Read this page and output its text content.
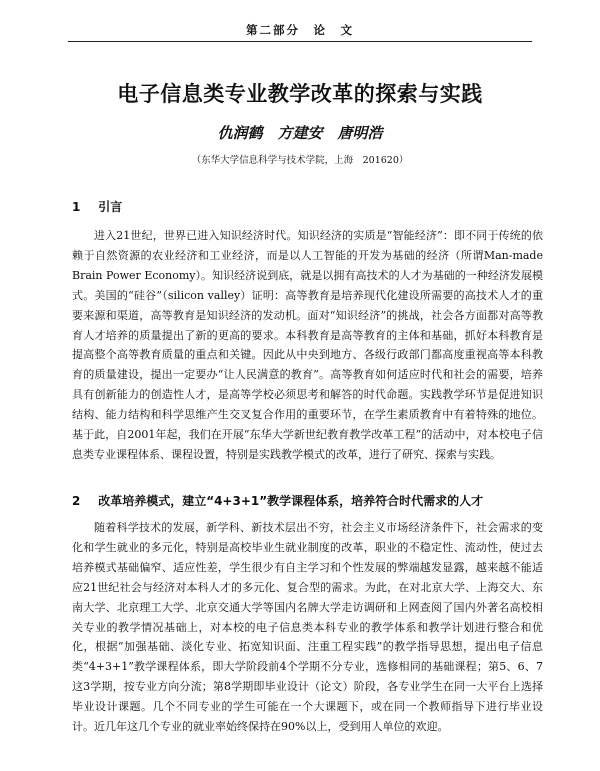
第二部分　论　文
电子信息类专业教学改革的探索与实践
仇润鹤　方建安　唐明浩
（东华大学信息科学与技术学院，上海　201620）
1 引言

进入21世纪，世界已进入知识经济时代。知识经济的实质是“智能经济”：即不同于传统的依赖于自然资源的农业经济和工业经济，而是以人工智能的开发为基础的经济（所谓Man-made Brain Power Economy）。知识经济说到底，就是以拥有高技术的人才为基础的一种经济发展模式。美国的“硅谷”（silicon valley）证明：高等教育是培养现代化建设所需要的高技术人才的重要来源和渠道，高等教育是知识经济的发动机。面对“知识经济”的挑战，社会各方面都对高等教育人才培养的质量提出了新的更高的要求。本科教育是高等教育的主体和基础，抓好本科教育是提高整个高等教育质量的重点和关键。因此从中央到地方、各级行政部门都高度重视高等本科教育的质量建设，提出一定要办“让人民满意的教育”。高等教育如何适应时代和社会的需要，培养具有创新能力的创造性人才，是高等学校必须思考和解答的时代命题。实践教学环节是促进知识结构、能力结构和科学思维产生交叉复合作用的重要环节，在学生素质教育中有着特殊的地位。基于此，自2001年起，我们在开展“东华大学新世纪教育教学改革工程”的活动中，对本校电子信息类专业课程体系、课程设置，特别是实践教学模式的改革，进行了研究、探索与实践。

2 改革培养模式，建立“4+3+1”教学课程体系，培养符合时代需求的人才

随着科学技术的发展，新学科、新技术层出不穷，社会主义市场经济条件下，社会需求的变化和学生就业的多元化，特别是高校毕业生就业制度的改革，职业的不稳定性、流动性，使过去培养模式基础偏窄、适应性差，学生很少有自主学习和个性发展的弊端越发显露，越来越不能适应21世纪社会与经济对本科人才的多元化、复合型的需求。为此，在对北京大学、上海交大、东南大学、北京理工大学、北京交通大学等国内名牌大学走访调研和上网查阅了国内外著名高校相关专业的教学情况基础上，对本校的电子信息类本科专业的教学体系和教学计划进行整合和优化，根据“加强基础、淡化专业、拓宽知识面、注重工程实践”的教学指导思想，提出电子信息类“4+3+1”教学课程体系，即大学阶段前4个学期不分专业，选修相同的基础课程；第5、6、7这3学期，按专业方向分流；第8学期即毕业设计（论文）阶段，各专业学生在同一大平台上选择毕业设计课题。几个不同专业的学生可能在一个大课题下，或在同一个教师指导下进行毕业设计。近几年这几个专业的就业率始终保持在90%以上，受到用人单位的欢迎。
